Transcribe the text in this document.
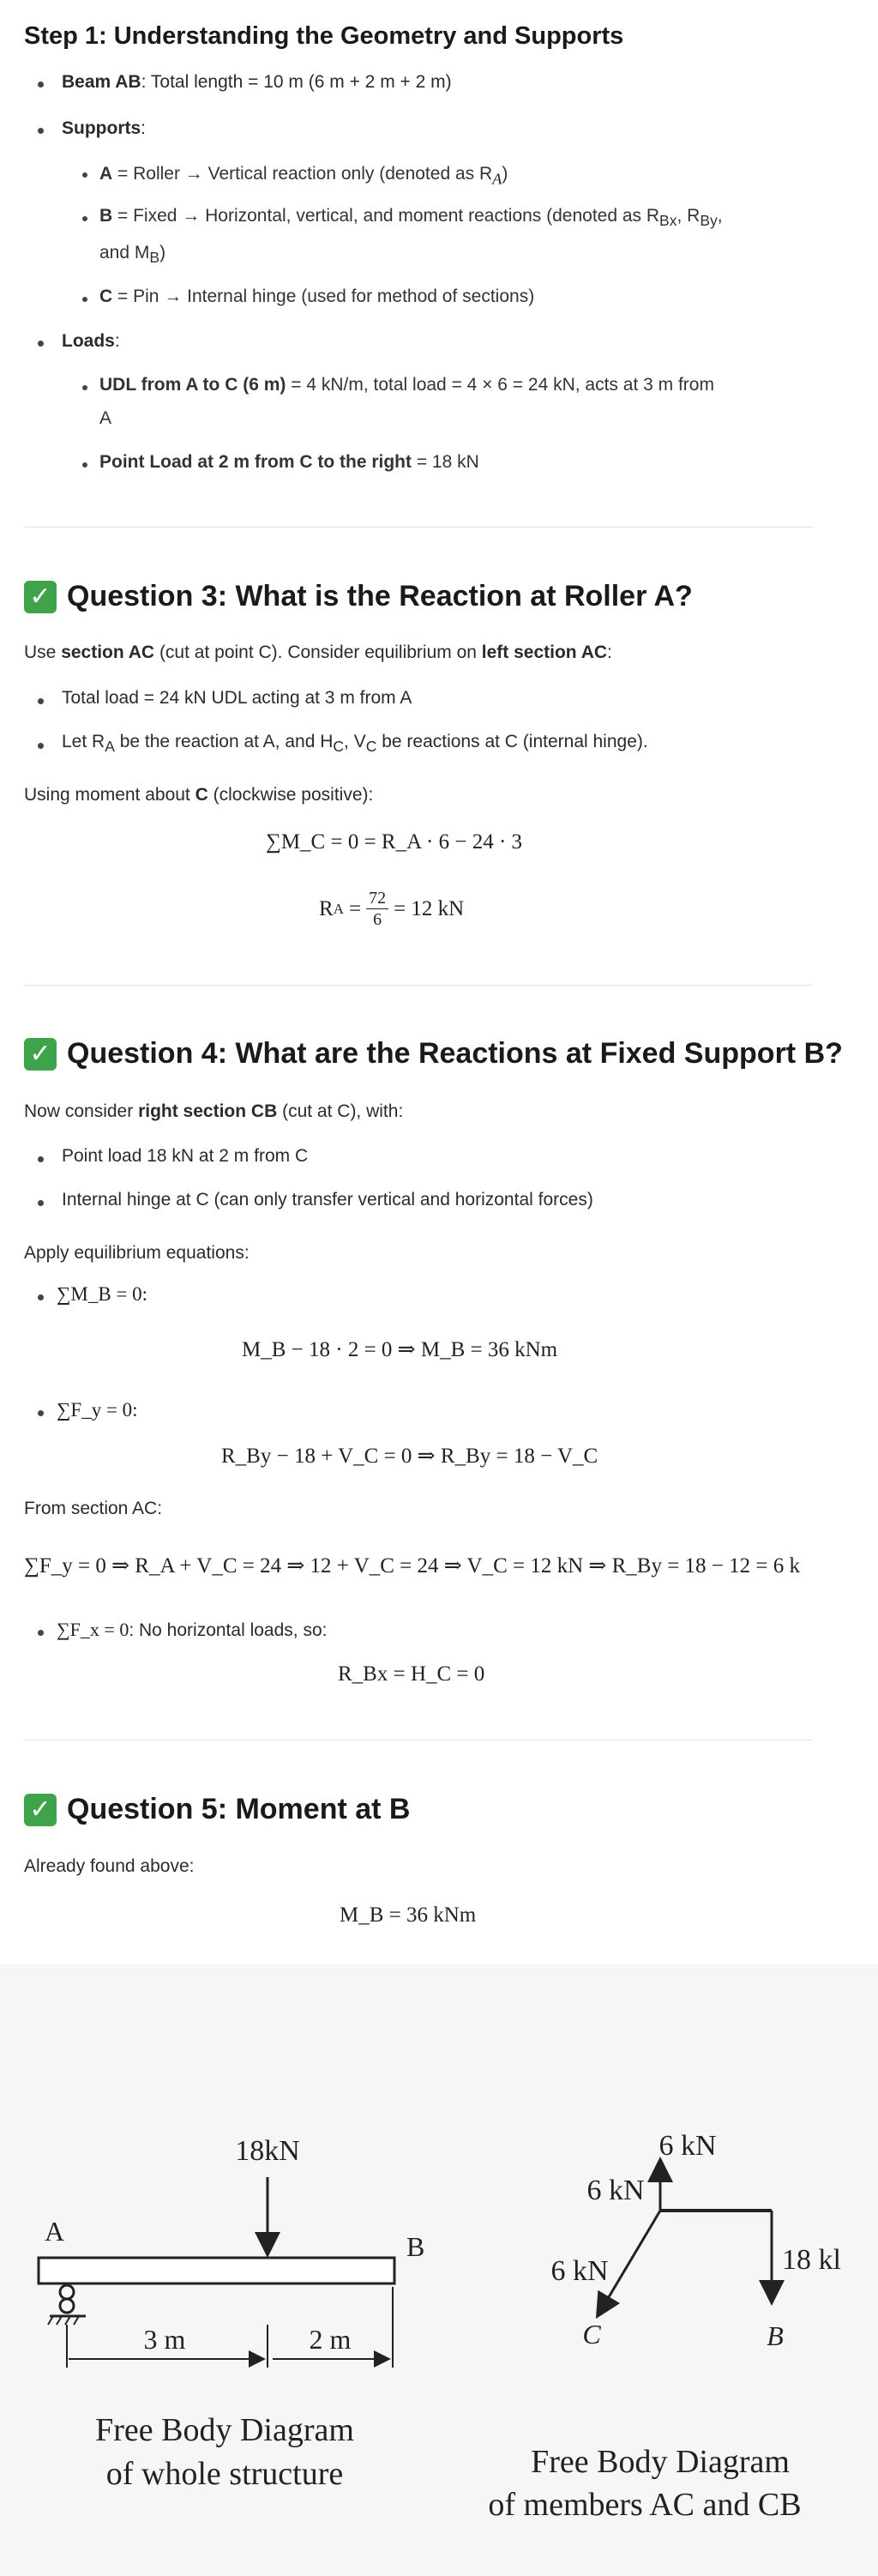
Step 1: Understanding the Geometry and Supports
Beam AB: Total length = 10 m (6 m + 2 m + 2 m)
Supports:
A = Roller → Vertical reaction only (denoted as $R_A$)
B = Fixed → Horizontal, vertical, and moment reactions (denoted as $R_{Bx}$, $R_{By}$,
and $M_B$)
C = Pin → Internal hinge (used for method of sections)
Loads:
UDL from A to C (6 m) = 4 kN/m, total load = 4 × 6 = 24 kN, acts at 3 m from
A
Point Load at 2 m from C to the right = 18 kN
✓ Question 3: What is the Reaction at Roller A?
Use section AC (cut at point C). Consider equilibrium on left section AC:
Total load = 24 kN UDL acting at 3 m from A
Let $R_A$ be the reaction at A, and $H_C$, $V_C$ be reactions at C (internal hinge).
Using moment about C (clockwise positive):
∑M_C = 0 = R_A · 6 − 24 · 3
R $A = \frac{72}{6} = 12$ kN
✓ Question 4: What are the Reactions at Fixed Support B?
Now consider right section CB (cut at C), with:
Point load 18 kN at 2 m from C
Internal hinge at C (can only transfer vertical and horizontal forces)
Apply equilibrium equations:
∑M_B = 0:
M_B − 18 · 2 = 0 ⇒ M_B = 36 kNm
∑F_y = 0:
R_By − 18 + V_C = 0 ⇒ R_By = 18 − V_C
From section AC:
∑F_y = 0 ⇒ R_A + V_C = 24 ⇒ 12 + V_C = 24 ⇒ V_C = 12 kN ⇒ R_By = 18 − 12 = 6 k
∑F_x = 0: No horizontal loads, so:
R_Bx = H_C = 0
✓ Question 5: Moment at B
Already found above:
M_B = 36 kNm
18kN
A	B
3 m	2 m
Free Body Diagram
of whole structure
6 kN
6 kN
6 kN	18 kl
C	B
Free Body Diagram
of members AC and CB
